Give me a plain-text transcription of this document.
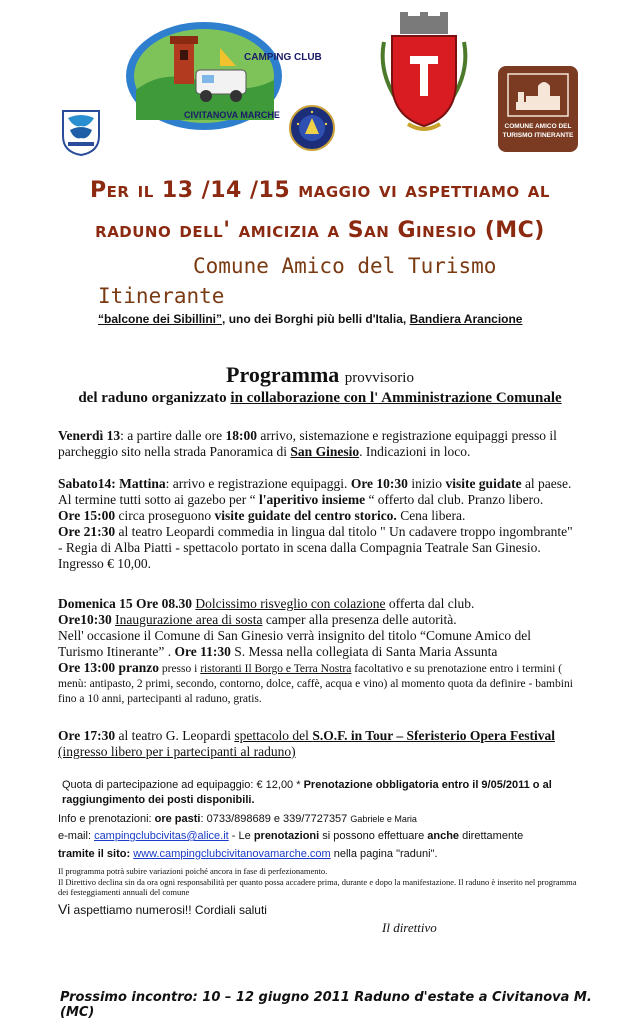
CAMPING CLUB
CIVITANOVA MARCHE
COMUNE AMICO DEL
TURISMO ITINERANTE
Per il 13 /14 /15 maggio vi aspettiamo al
raduno dell' amicizia a San Ginesio (MC)
Comune Amico del Turismo
Itinerante
“balcone dei Sibillini”, uno dei Borghi più belli d'Italia, Bandiera Arancione
Programma provvisorio
del raduno organizzato in collaborazione con l' Amministrazione Comunale
Venerdì 13: a partire dalle ore 18:00 arrivo, sistemazione e registrazione equipaggi presso il parcheggio sito nella strada Panoramica di San Ginesio. Indicazioni in loco.
Sabato14: Mattina: arrivo e registrazione equipaggi. Ore 10:30 inizio visite guidate al paese.
Al termine tutti sotto ai gazebo per “ l'aperitivo insieme “ offerto dal club. Pranzo libero.
Ore 15:00 circa proseguono visite guidate del centro storico. Cena libera.
Ore 21:30 al teatro Leopardi commedia in lingua dal titolo " Un cadavere troppo ingombrante" - Regia di Alba Piatti - spettacolo portato in scena dalla Compagnia Teatrale San Ginesio. Ingresso € 10,00.
Domenica 15 Ore 08.30 Dolcissimo risveglio con colazione offerta dal club.
Ore10:30 Inaugurazione area di sosta camper alla presenza delle autorità.
Nell' occasione il Comune di San Ginesio verrà insignito del titolo “Comune Amico del Turismo Itinerante” . Ore 11:30 S. Messa nella collegiata di Santa Maria Assunta
Ore 13:00 pranzo presso i ristoranti Il Borgo e Terra Nostra facoltativo e su prenotazione entro i termini ( menù: antipasto, 2 primi, secondo, contorno, dolce, caffè, acqua e vino) al momento quota da definire - bambini fino a 10 anni, partecipanti al raduno, gratis.
Ore 17:30 al teatro G. Leopardi spettacolo del S.O.F. in Tour – Sferisterio Opera Festival
(ingresso libero per i partecipanti al raduno)
Quota di partecipazione ad equipaggio: € 12,00 * Prenotazione obbligatoria entro il 9/05/2011 o al raggiungimento dei posti disponibili.
Info e prenotazioni: ore pasti: 0733/898689 e 339/7727357 Gabriele e Maria
e-mail: campingclubcivitas@alice.it - Le prenotazioni si possono effettuare anche direttamente
tramite il sito: www.campingclubcivitanovamarche.com nella pagina "raduni".
Il programma potrà subire variazioni poiché ancora in fase di perfezionamento.
Il Direttivo declina sin da ora ogni responsabilità per quanto possa accadere prima, durante e dopo la manifestazione. Il raduno è inserito nel programma dei festeggiamenti annuali del comune
Vi aspettiamo numerosi!! Cordiali saluti
Il direttivo
Prossimo incontro: 10 – 12 giugno 2011 Raduno d'estate a Civitanova M.(MC)
